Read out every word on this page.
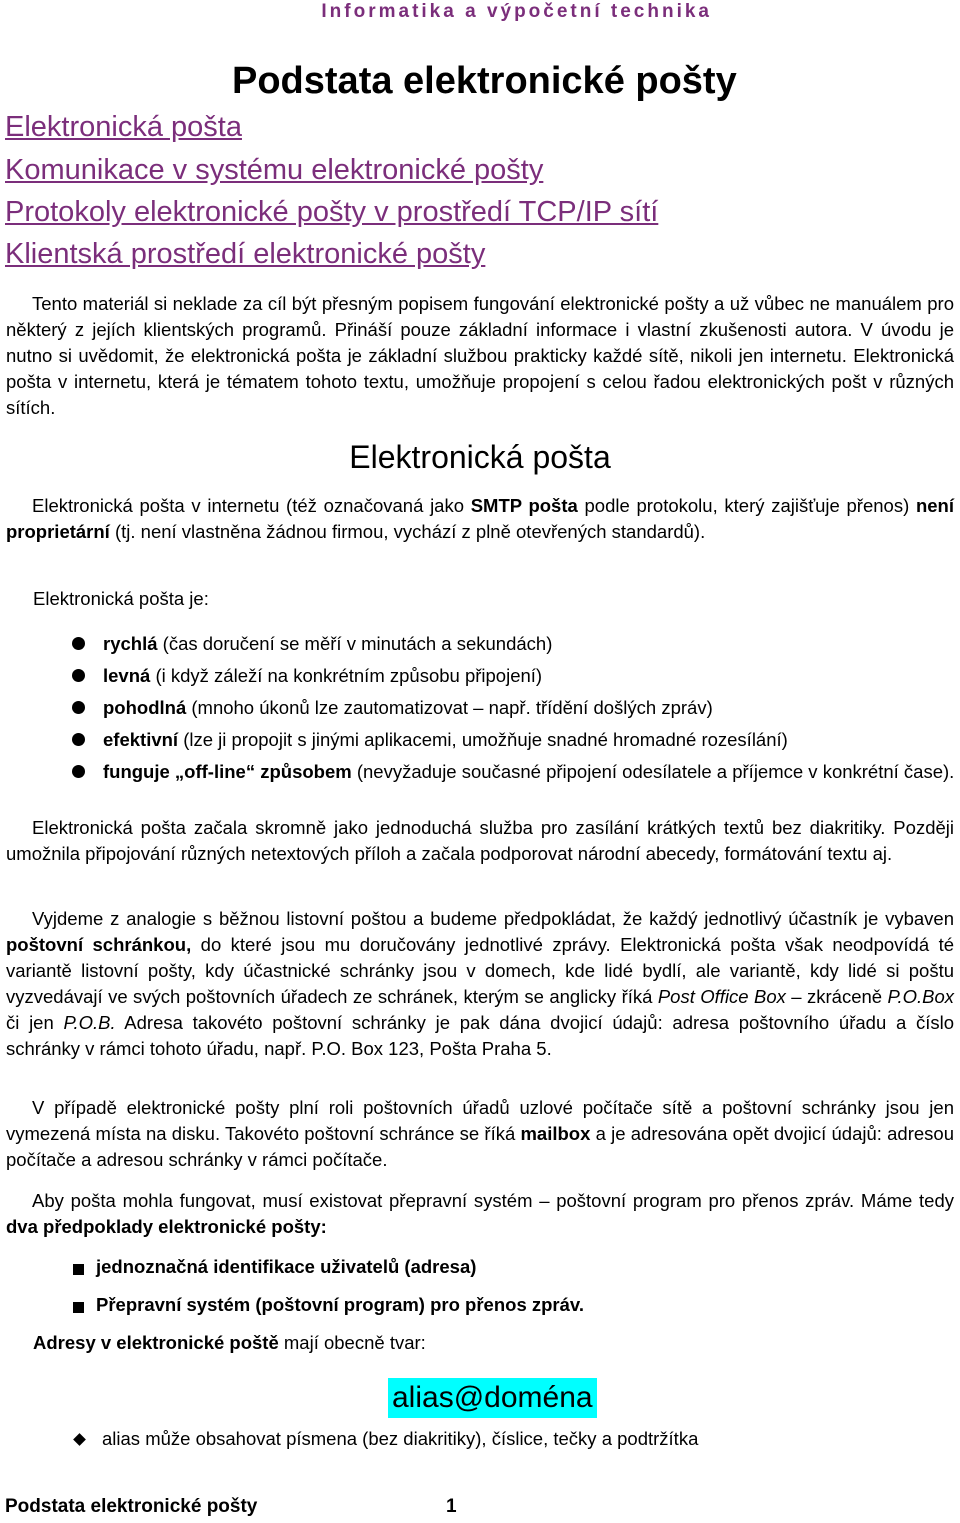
Informatika a výpočetní technika
Podstata elektronické pošty
Elektronická pošta
Komunikace v systému elektronické pošty
Protokoly elektronické pošty v prostředí TCP/IP sítí
Klientská prostředí elektronické pošty
Tento materiál si neklade za cíl být přesným popisem fungování elektronické pošty a už vůbec ne manuálem pro některý z jejích klientských programů. Přináší pouze základní informace i vlastní zkušenosti autora. V úvodu je nutno si uvědomit, že elektronická pošta je základní službou prakticky každé sítě, nikoli jen internetu. Elektronická pošta v internetu, která je tématem tohoto textu, umožňuje propojení s celou řadou elektronických pošt v různých sítích.
Elektronická pošta
Elektronická pošta v internetu (též označovaná jako SMTP pošta podle protokolu, který zajišťuje přenos) není proprietární (tj. není vlastněna žádnou firmou, vychází z plně otevřených standardů).
Elektronická pošta je:
rychlá (čas doručení se měří v minutách a sekundách)
levná (i když záleží na konkrétním způsobu připojení)
pohodlná (mnoho úkonů lze zautomatizovat – např. třídění došlých zpráv)
efektivní (lze ji propojit s jinými aplikacemi, umožňuje snadné hromadné rozesílání)
funguje „off-line“ způsobem (nevyžaduje současné připojení odesílatele a příjemce v konkrétní čase).
Elektronická pošta začala skromně jako jednoduchá služba pro zasílání krátkých textů bez diakritiky. Později umožnila připojování různých netextových příloh a začala podporovat národní abecedy, formátování textu aj.
Vyjdeme z analogie s běžnou listovní poštou a budeme předpokládat, že každý jednotlivý účastník je vybaven poštovní schránkou, do které jsou mu doručovány jednotlivé zprávy. Elektronická pošta však neodpovídá té variantě listovní pošty, kdy účastnické schránky jsou v domech, kde lidé bydlí, ale variantě, kdy lidé si poštu vyzvedávají ve svých poštovních úřadech ze schránek, kterým se anglicky říká Post Office Box – zkráceně P.O.Box či jen P.O.B. Adresa takovéto poštovní schránky je pak dána dvojicí údajů: adresa poštovního úřadu a číslo schránky v rámci tohoto úřadu, např. P.O. Box 123, Pošta Praha 5.
V případě elektronické pošty plní roli poštovních úřadů uzlové počítače sítě a poštovní schránky jsou jen vymezená místa na disku. Takovéto poštovní schránce se říká mailbox a je adresována opět dvojicí údajů: adresou počítače a adresou schránky v rámci počítače.
Aby pošta mohla fungovat, musí existovat přepravní systém – poštovní program pro přenos zpráv. Máme tedy dva předpoklady elektronické pošty:
jednoznačná identifikace uživatelů (adresa)
Přepravní systém (poštovní program) pro přenos zpráv.
Adresy v elektronické poště mají obecně tvar:
alias@doména
alias může obsahovat písmena (bez diakritiky), číslice, tečky a podtržítka
Podstata elektronické pošty	1
